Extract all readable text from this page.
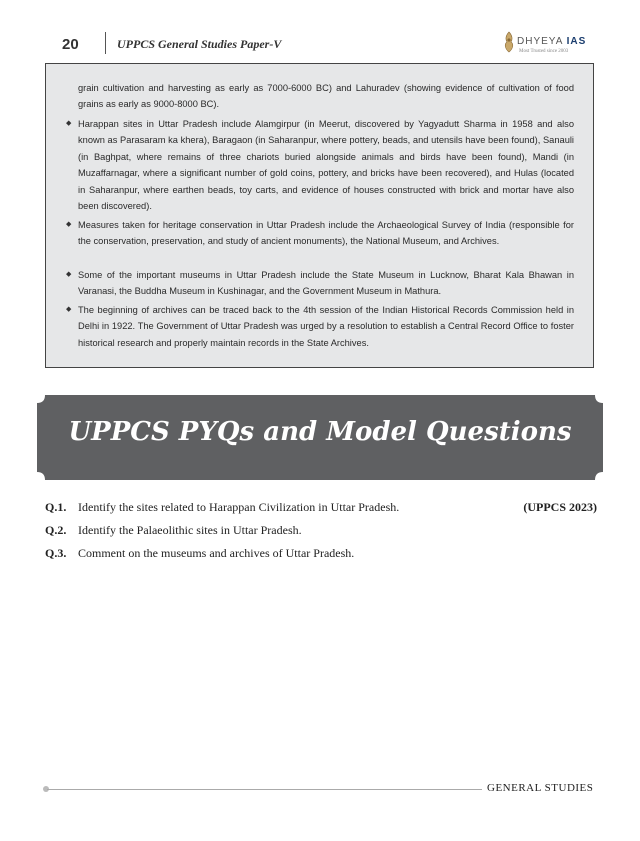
20	UPPCS General Studies Paper-V	DHYEYA IAS
Most Trusted since 2003

grain cultivation and harvesting as early as 7000-6000 BC) and Lahuradev (showing evidence of cultivation of food grains as early as 9000-8000 BC).

◆ Harappan sites in Uttar Pradesh include Alamgirpur (in Meerut, discovered by Yagyadutt Sharma in 1958 and also known as Parasaram ka khera), Baragaon (in Saharanpur, where pottery, beads, and utensils have been found), Sanauli (in Baghpat, where remains of three chariots buried alongside animals and birds have been found), Mandi (in Muzaffarnagar, where a significant number of gold coins, pottery, and bricks have been recovered), and Hulas (located in Saharanpur, where earthen beads, toy carts, and evidence of houses constructed with brick and mortar have also been discovered).
◆ Measures taken for heritage conservation in Uttar Pradesh include the Archaeological Survey of India (responsible for the conservation, preservation, and study of ancient monuments), the National Museum, and Archives.
◆ Some of the important museums in Uttar Pradesh include the State Museum in Lucknow, Bharat Kala Bhawan in Varanasi, the Buddha Museum in Kushinagar, and the Government Museum in Mathura.
◆ The beginning of archives can be traced back to the 4th session of the Indian Historical Records Commission held in Delhi in 1922. The Government of Uttar Pradesh was urged by a resolution to establish a Central Record Office to foster historical research and properly maintain records in the State Archives.
UPPCS PYQs and Model Questions
Q.1. Identify the sites related to Harappan Civilization in Uttar Pradesh.	(UPPCS 2023)
Q.2. Identify the Palaeolithic sites in Uttar Pradesh.
Q.3. Comment on the museums and archives of Uttar Pradesh.
GENERAL STUDIES
